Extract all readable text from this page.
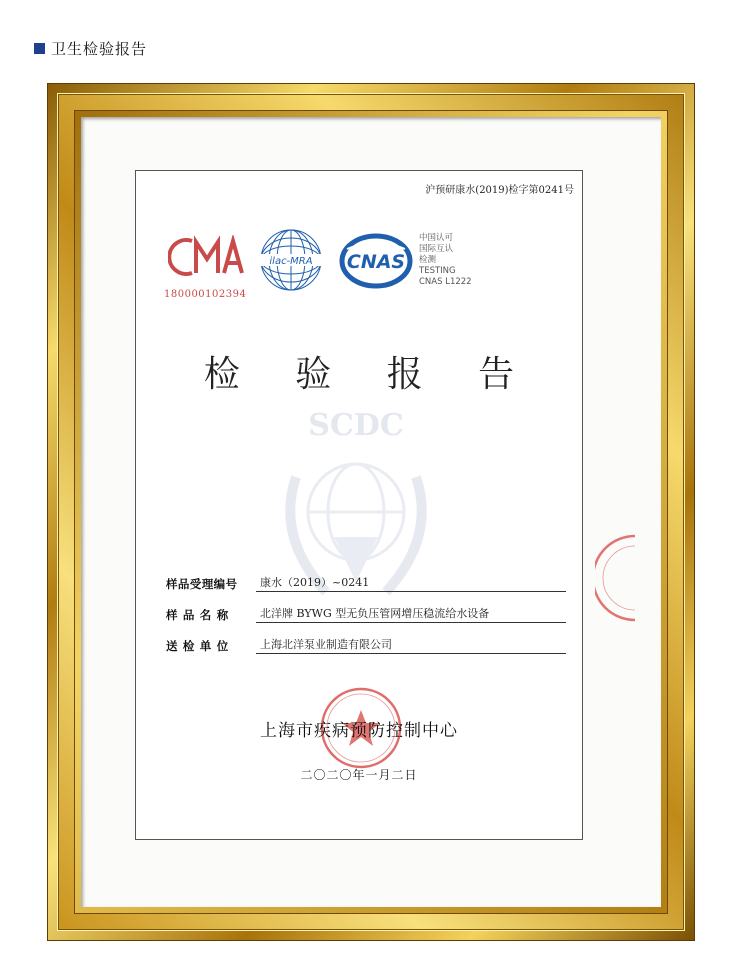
卫生检验报告
沪预研康水(2019)检字第0241号
180000102394
ilac-MRA CNAS
中国认可
国际互认
检测
TESTING
CNAS L1222
检 验 报 告
SCDC
样品受理编号	康水（2019）~0241
样品名称	北洋牌 BYWG 型无负压管网增压稳流给水设备
送检单位	上海北洋泵业制造有限公司
上海市疾病预防控制中心
二〇二〇年一月二日
